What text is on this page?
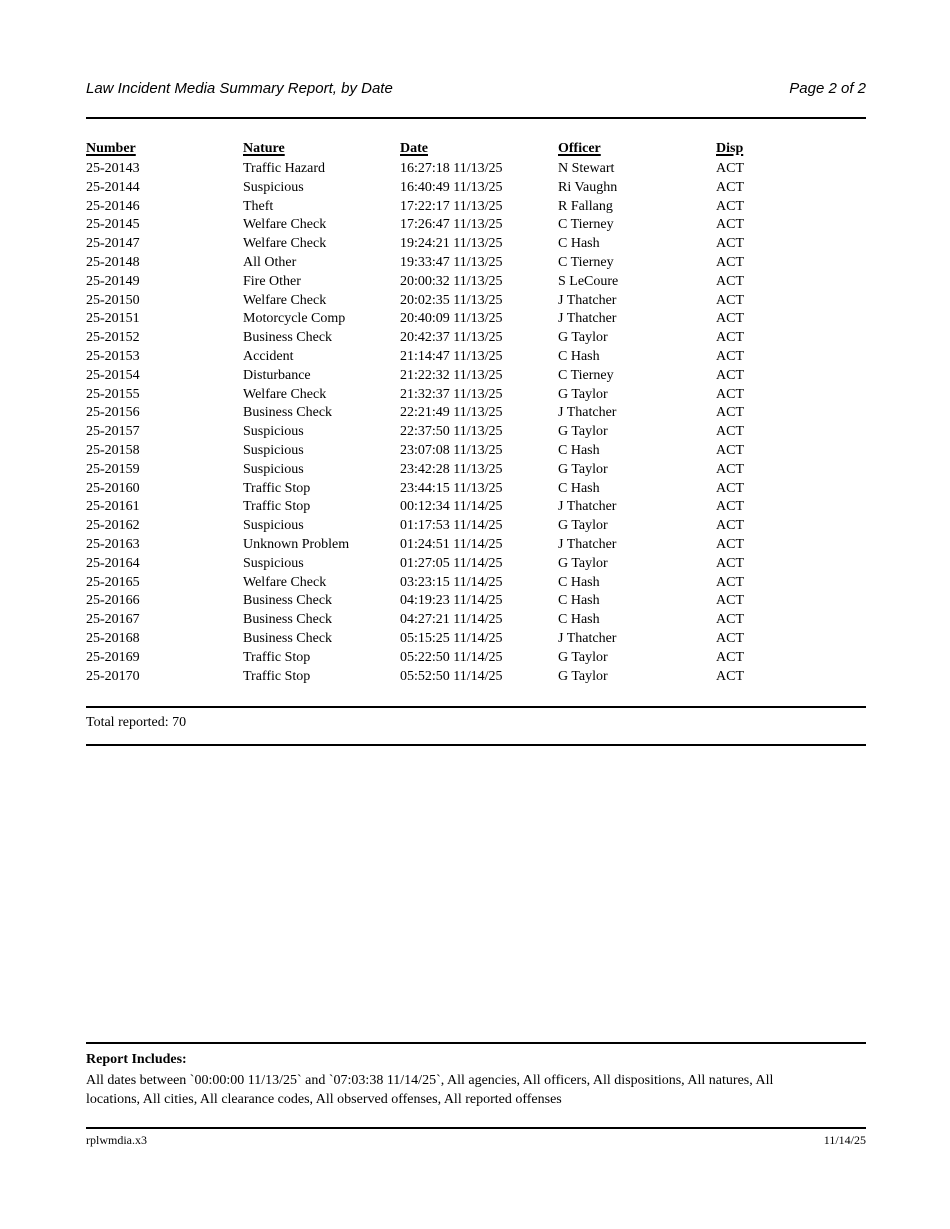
Law Incident Media Summary Report, by Date	Page 2 of 2
Number	Nature	Date	Officer	Disp
25-20143	Traffic Hazard	16:27:18 11/13/25	N Stewart	ACT
25-20144	Suspicious	16:40:49 11/13/25	Ri Vaughn	ACT
25-20146	Theft	17:22:17 11/13/25	R Fallang	ACT
25-20145	Welfare Check	17:26:47 11/13/25	C Tierney	ACT
25-20147	Welfare Check	19:24:21 11/13/25	C Hash	ACT
25-20148	All Other	19:33:47 11/13/25	C Tierney	ACT
25-20149	Fire Other	20:00:32 11/13/25	S LeCoure	ACT
25-20150	Welfare Check	20:02:35 11/13/25	J Thatcher	ACT
25-20151	Motorcycle Comp	20:40:09 11/13/25	J Thatcher	ACT
25-20152	Business Check	20:42:37 11/13/25	G Taylor	ACT
25-20153	Accident	21:14:47 11/13/25	C Hash	ACT
25-20154	Disturbance	21:22:32 11/13/25	C Tierney	ACT
25-20155	Welfare Check	21:32:37 11/13/25	G Taylor	ACT
25-20156	Business Check	22:21:49 11/13/25	J Thatcher	ACT
25-20157	Suspicious	22:37:50 11/13/25	G Taylor	ACT
25-20158	Suspicious	23:07:08 11/13/25	C Hash	ACT
25-20159	Suspicious	23:42:28 11/13/25	G Taylor	ACT
25-20160	Traffic Stop	23:44:15 11/13/25	C Hash	ACT
25-20161	Traffic Stop	00:12:34 11/14/25	J Thatcher	ACT
25-20162	Suspicious	01:17:53 11/14/25	G Taylor	ACT
25-20163	Unknown Problem	01:24:51 11/14/25	J Thatcher	ACT
25-20164	Suspicious	01:27:05 11/14/25	G Taylor	ACT
25-20165	Welfare Check	03:23:15 11/14/25	C Hash	ACT
25-20166	Business Check	04:19:23 11/14/25	C Hash	ACT
25-20167	Business Check	04:27:21 11/14/25	C Hash	ACT
25-20168	Business Check	05:15:25 11/14/25	J Thatcher	ACT
25-20169	Traffic Stop	05:22:50 11/14/25	G Taylor	ACT
25-20170	Traffic Stop	05:52:50 11/14/25	G Taylor	ACT
Total reported: 70
Report Includes:
All dates between `00:00:00 11/13/25` and `07:03:38 11/14/25`, All agencies, All officers, All dispositions, All natures, All
locations, All cities, All clearance codes, All observed offenses, All reported offenses
rplwmdia.x3	11/14/25
